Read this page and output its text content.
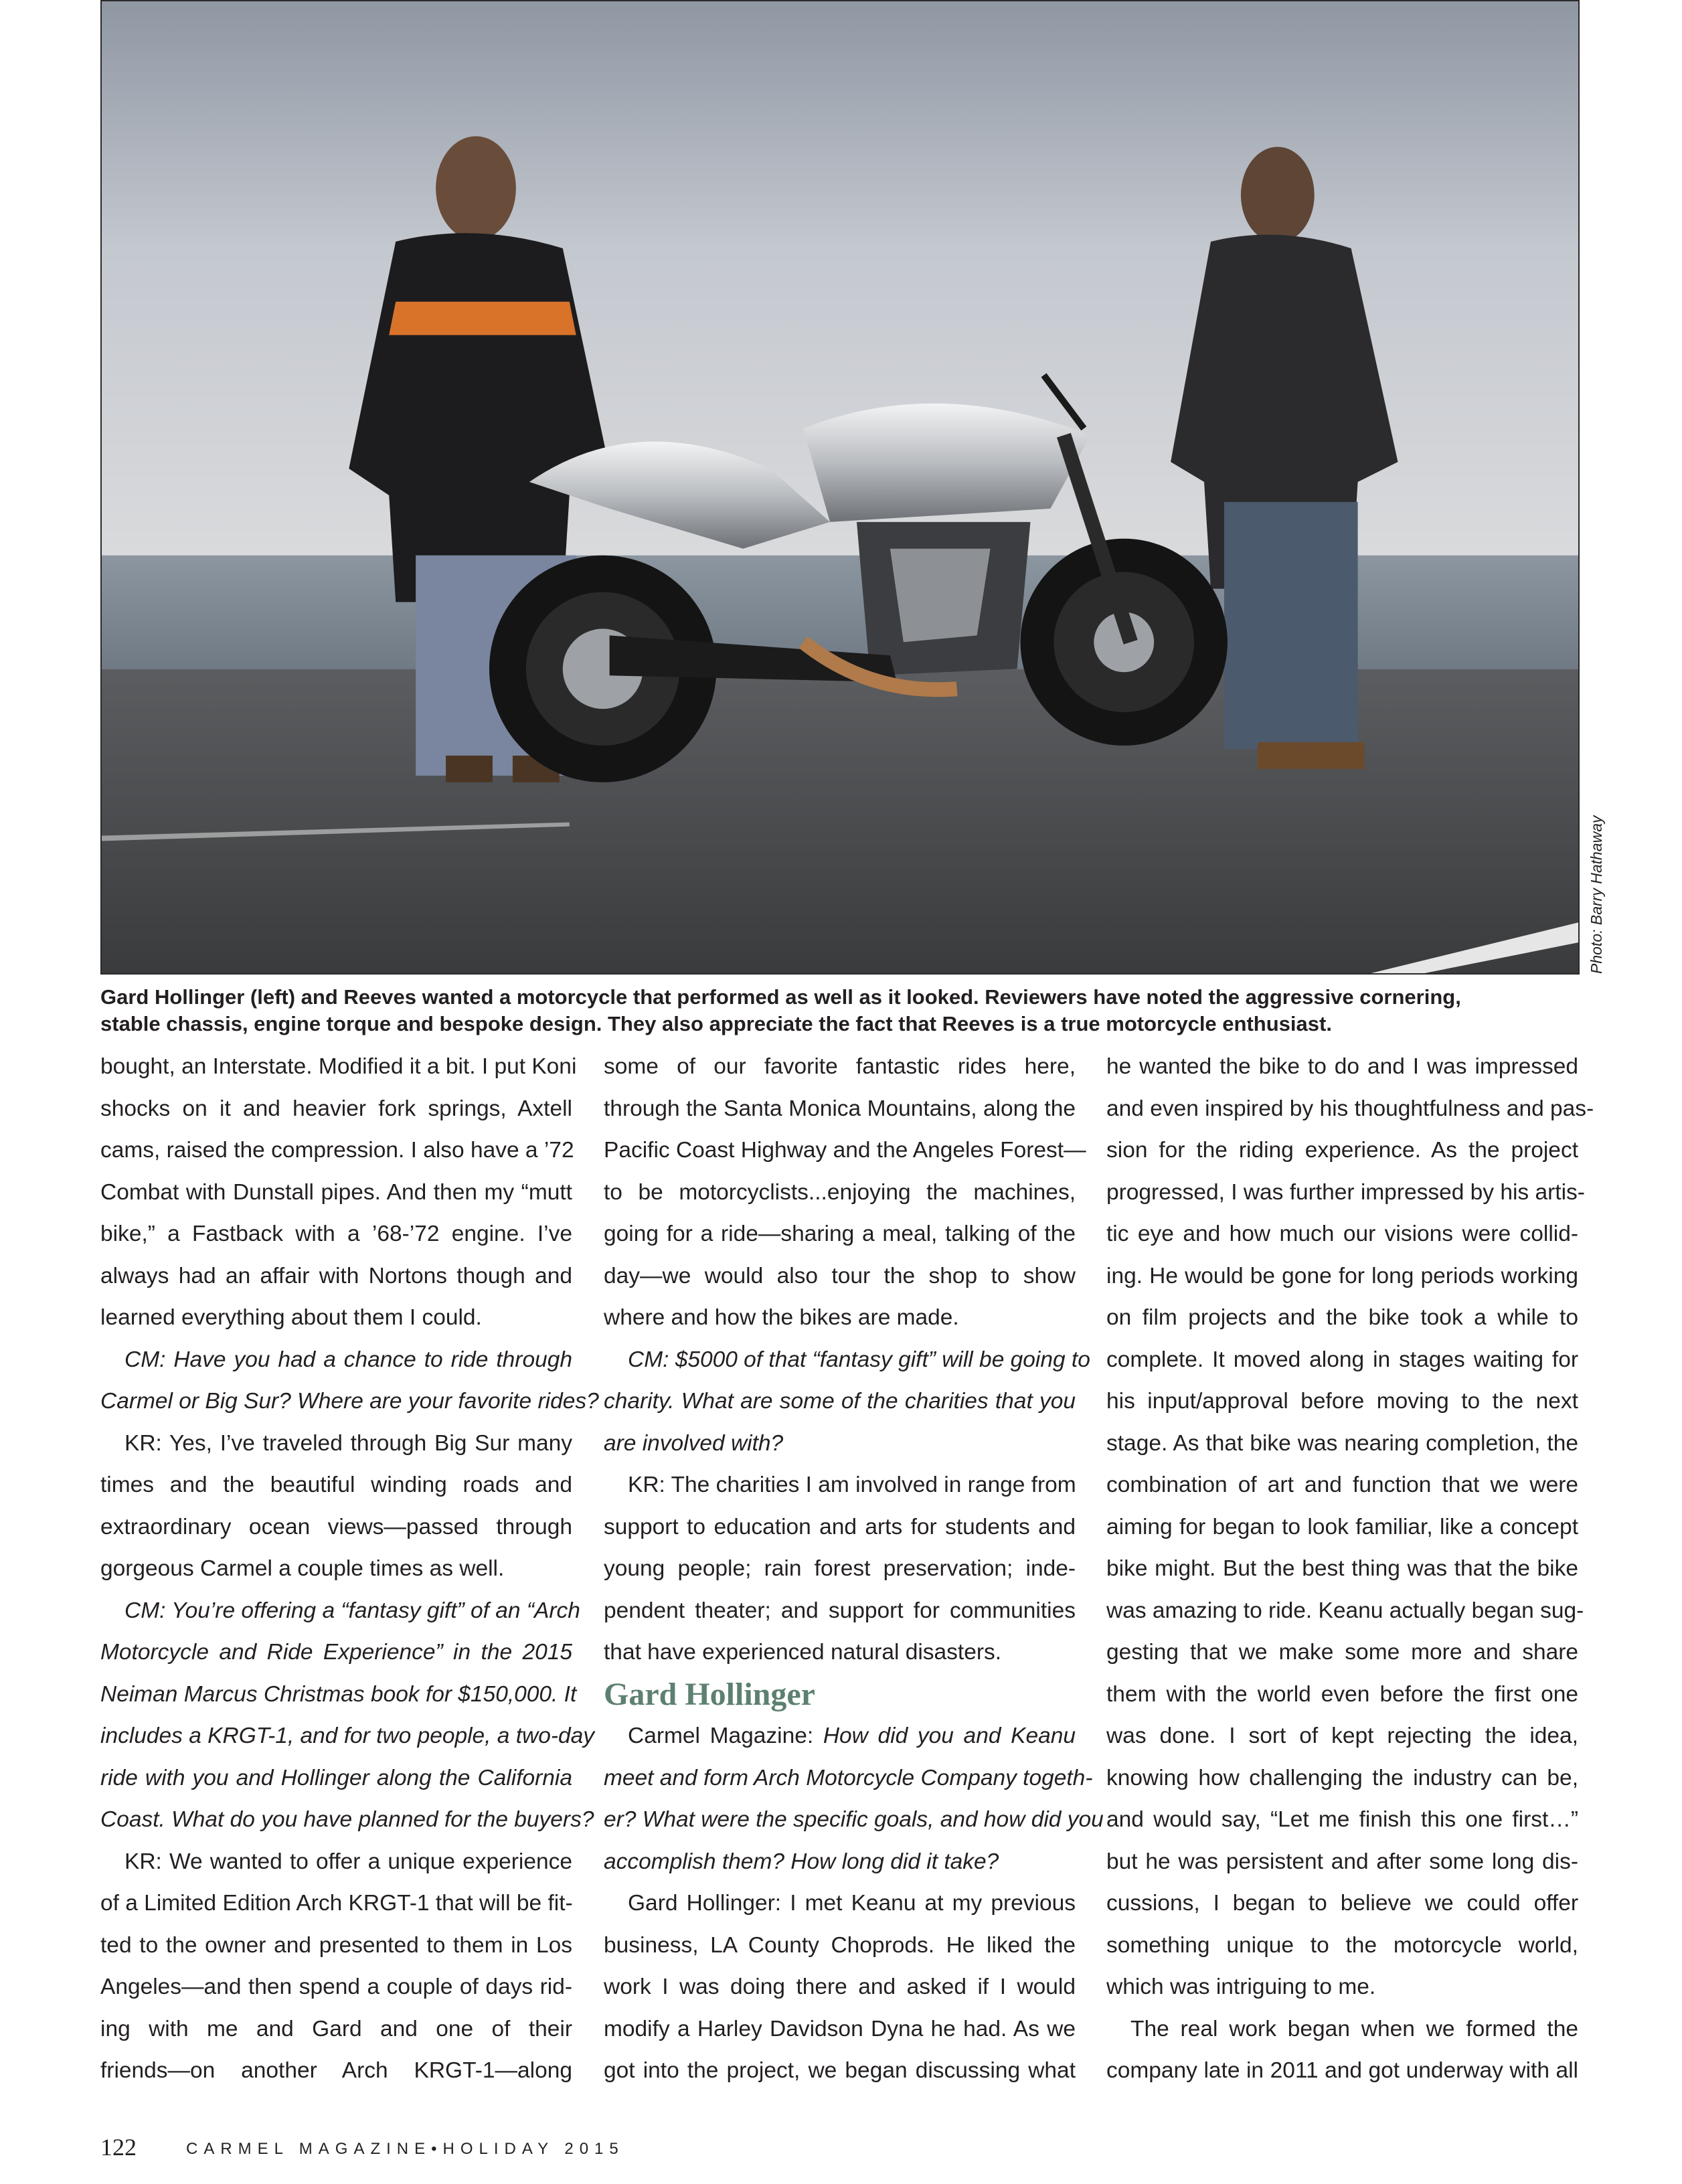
Photo: Barry Hathaway
Gard Hollinger (left) and Reeves wanted a motorcycle that performed as well as it looked. Reviewers have noted the aggressive cornering,
stable chassis, engine torque and bespoke design. They also appreciate the fact that Reeves is a true motorcycle enthusiast.
bought, an Interstate. Modified it a bit. I put Koni
shocks on it and heavier fork springs, Axtell
cams, raised the compression. I also have a ’72
Combat with Dunstall pipes. And then my “mutt
bike,” a Fastback with a ’68-’72 engine. I’ve
always had an affair with Nortons though and
learned everything about them I could.
CM: Have you had a chance to ride through
Carmel or Big Sur? Where are your favorite rides?
KR: Yes, I’ve traveled through Big Sur many
times and the beautiful winding roads and
extraordinary ocean views—passed through
gorgeous Carmel a couple times as well.
CM: You’re offering a “fantasy gift” of an “Arch
Motorcycle and Ride Experience” in the 2015
Neiman Marcus Christmas book for $150,000. It
includes a KRGT-1, and for two people, a two-day
ride with you and Hollinger along the California
Coast. What do you have planned for the buyers?
KR: We wanted to offer a unique experience
of a Limited Edition Arch KRGT-1 that will be fit-
ted to the owner and presented to them in Los
Angeles—and then spend a couple of days rid-
ing with me and Gard and one of their
friends—on another Arch KRGT-1—along
some of our favorite fantastic rides here,
through the Santa Monica Mountains, along the
Pacific Coast Highway and the Angeles Forest—
to be motorcyclists...enjoying the machines,
going for a ride—sharing a meal, talking of the
day—we would also tour the shop to show
where and how the bikes are made.
CM: $5000 of that “fantasy gift” will be going to
charity. What are some of the charities that you
are involved with?
KR: The charities I am involved in range from
support to education and arts for students and
young people; rain forest preservation; inde-
pendent theater; and support for communities
that have experienced natural disasters.
Gard Hollinger
Carmel Magazine: How did you and Keanu
meet and form Arch Motorcycle Company togeth-
er? What were the specific goals, and how did you
accomplish them? How long did it take?
Gard Hollinger: I met Keanu at my previous
business, LA County Choprods. He liked the
work I was doing there and asked if I would
modify a Harley Davidson Dyna he had. As we
got into the project, we began discussing what
he wanted the bike to do and I was impressed
and even inspired by his thoughtfulness and pas-
sion for the riding experience. As the project
progressed, I was further impressed by his artis-
tic eye and how much our visions were collid-
ing. He would be gone for long periods working
on film projects and the bike took a while to
complete. It moved along in stages waiting for
his input/approval before moving to the next
stage. As that bike was nearing completion, the
combination of art and function that we were
aiming for began to look familiar, like a concept
bike might. But the best thing was that the bike
was amazing to ride. Keanu actually began sug-
gesting that we make some more and share
them with the world even before the first one
was done. I sort of kept rejecting the idea,
knowing how challenging the industry can be,
and would say, “Let me finish this one first…”
but he was persistent and after some long dis-
cussions, I began to believe we could offer
something unique to the motorcycle world,
which was intriguing to me.
The real work began when we formed the
company late in 2011 and got underway with all
122	CARMEL MAGAZINE•HOLIDAY 2015
